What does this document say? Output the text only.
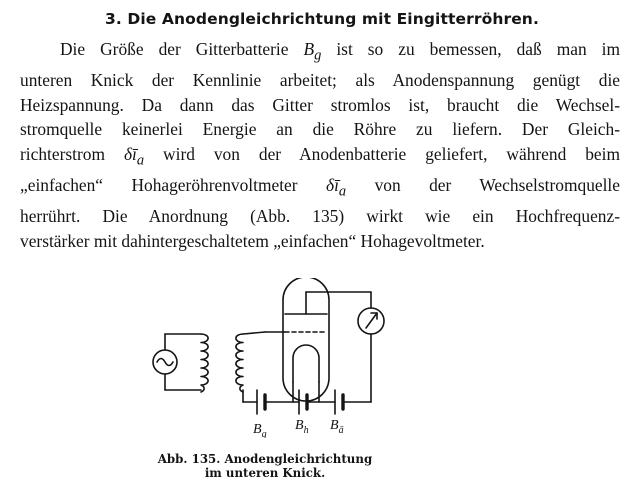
3. Die Anodengleichrichtung mit Eingitterröhren.
Die Größe der Gitterbatterie $B_g$ ist so zu bemessen, daß man im
unteren Knick der Kennlinie arbeitet; als Anodenspannung genügt die
Heizspannung. Da dann das Gitter stromlos ist, braucht die Wechsel-
stromquelle keinerlei Energie an die Röhre zu liefern. Der Gleich-
richterstrom $\delta ī_a$ wird von der Anodenbatterie geliefert, während beim
„einfachen“ Hohageröhrenvoltmeter $\delta ī_a$ von der Wechselstromquelle
herrührt. Die Anordnung (Abb. 135) wirkt wie ein Hochfrequenz-
verstärker mit dahintergeschaltetem „einfachen“ Hohagevoltmeter.
$B_g$
$B_h$ $B_ā$
Abb. 135. Anodengleichrichtung
im unteren Knick.
